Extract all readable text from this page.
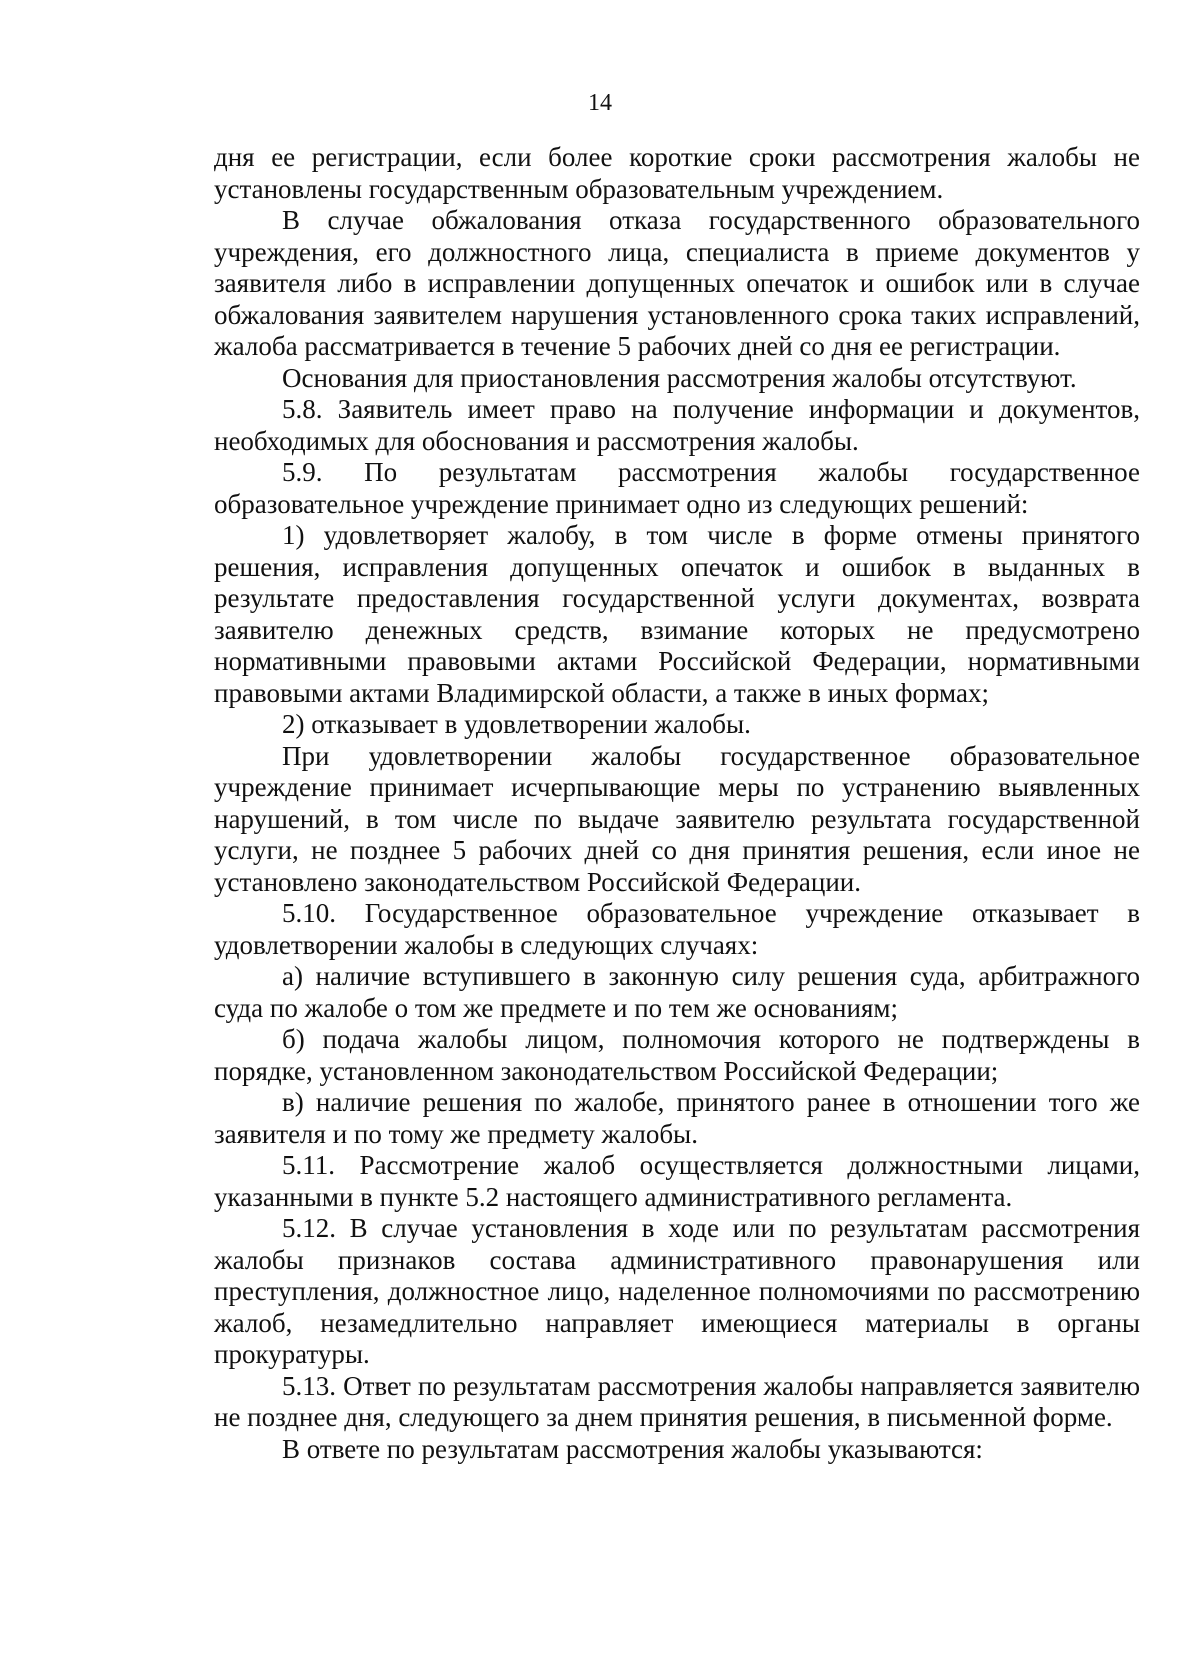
14

дня ее регистрации, если более короткие сроки рассмотрения жалобы не установлены государственным образовательным учреждением.

В случае обжалования отказа государственного образовательного учреждения, его должностного лица, специалиста в приеме документов у заявителя либо в исправлении допущенных опечаток и ошибок или в случае обжалования заявителем нарушения установленного срока таких исправлений, жалоба рассматривается в течение 5 рабочих дней со дня ее регистрации.

Основания для приостановления рассмотрения жалобы отсутствуют.

5.8. Заявитель имеет право на получение информации и документов, необходимых для обоснования и рассмотрения жалобы.

5.9. По результатам рассмотрения жалобы государственное образовательное учреждение принимает одно из следующих решений:

1) удовлетворяет жалобу, в том числе в форме отмены принятого решения, исправления допущенных опечаток и ошибок в выданных в результате предоставления государственной услуги документах, возврата заявителю денежных средств, взимание которых не предусмотрено нормативными правовыми актами Российской Федерации, нормативными правовыми актами Владимирской области, а также в иных формах;

2) отказывает в удовлетворении жалобы.

При удовлетворении жалобы государственное образовательное учреждение принимает исчерпывающие меры по устранению выявленных нарушений, в том числе по выдаче заявителю результата государственной услуги, не позднее 5 рабочих дней со дня принятия решения, если иное не установлено законодательством Российской Федерации.

5.10. Государственное образовательное учреждение отказывает в удовлетворении жалобы в следующих случаях:

а) наличие вступившего в законную силу решения суда, арбитражного суда по жалобе о том же предмете и по тем же основаниям;

б) подача жалобы лицом, полномочия которого не подтверждены в порядке, установленном законодательством Российской Федерации;

в) наличие решения по жалобе, принятого ранее в отношении того же заявителя и по тому же предмету жалобы.

5.11. Рассмотрение жалоб осуществляется должностными лицами, указанными в пункте 5.2 настоящего административного регламента.

5.12. В случае установления в ходе или по результатам рассмотрения жалобы признаков состава административного правонарушения или преступления, должностное лицо, наделенное полномочиями по рассмотрению жалоб, незамедлительно направляет имеющиеся материалы в органы прокуратуры.

5.13. Ответ по результатам рассмотрения жалобы направляется заявителю не позднее дня, следующего за днем принятия решения, в письменной форме.

В ответе по результатам рассмотрения жалобы указываются:
